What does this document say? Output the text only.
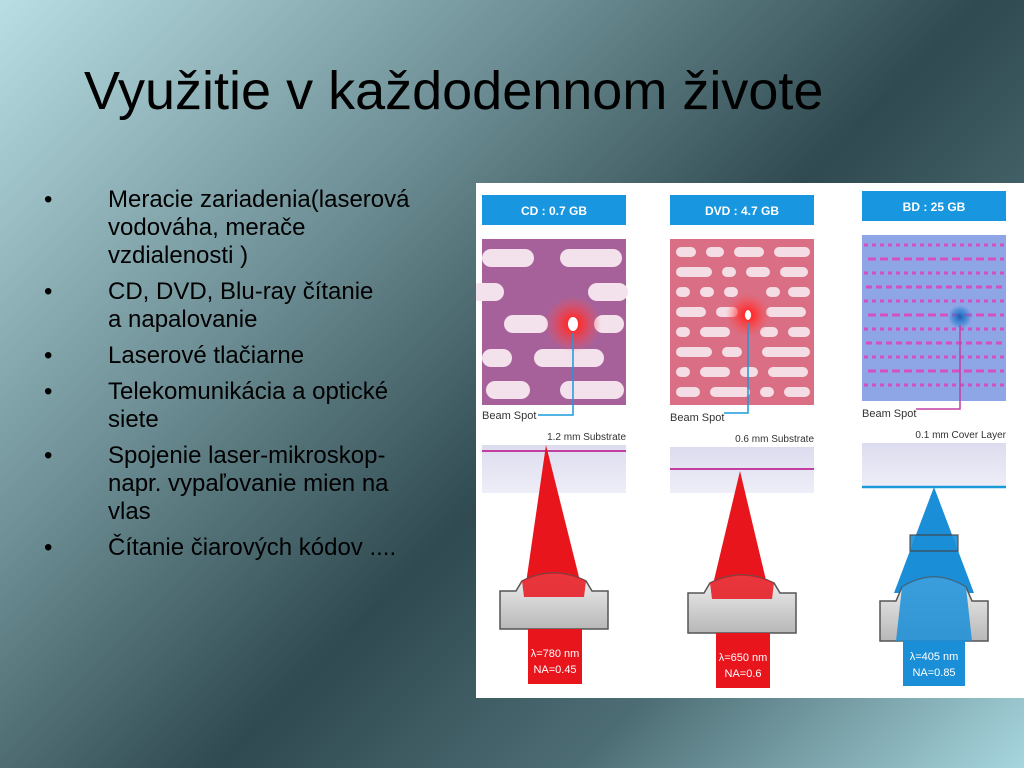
Využitie v každodennom živote
• Meracie zariadenia(laserová
vodováha, merače
vzdialenosti )
• CD, DVD, Blu-ray čítanie
a napalovanie
• Laserové tlačiarne
• Telekomunikácia a optické
siete
• Spojenie laser-mikroskop-
napr. vypaľovanie mien na
vlas
• Čítanie čiarových kódov ....
CD : 0.7 GB
Beam Spot
1.2 mm Substrate
λ=780 nm
NA=0.45
DVD : 4.7 GB
Beam Spot
0.6 mm Substrate
λ=650 nm
NA=0.6
BD : 25 GB
Beam Spot
0.1 mm Cover Layer
λ=405 nm
NA=0.85
